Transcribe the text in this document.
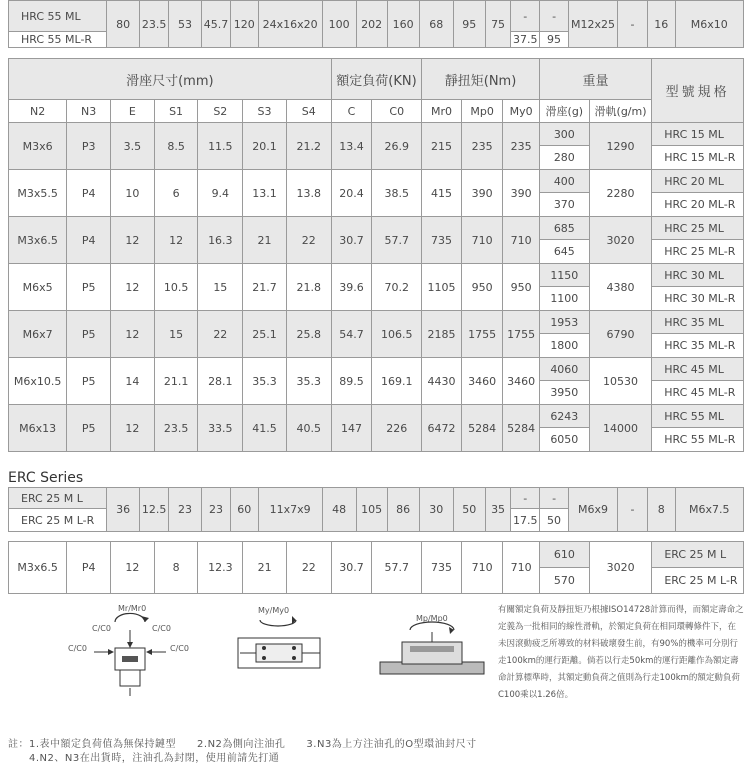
HRC 55 ML	80	23.5	53	45.7	120	24x16x20	100	202	160	68	95	75	-	-	M12x25	-	16	M6x10
HRC 55 ML-R													37.5	95				
滑座尺寸(mm)							額定負荷(KN)		靜扭矩(Nm)			重量		型號規格
N2	N3	E	S1	S2	S3	S4	C	C0	Mr0	Mp0	My0	滑座(g)	滑軌(g/m)	
M3x6	P3	3.5	8.5	11.5	20.1	21.2	13.4	26.9	215	235	235	300	1290	HRC 15 ML
												280		HRC 15 ML-R
M3x5.5	P4	10	6	9.4	13.1	13.8	20.4	38.5	415	390	390	400	2280	HRC 20 ML
												370		HRC 20 ML-R
M3x6.5	P4	12	12	16.3	21	22	30.7	57.7	735	710	710	685	3020	HRC 25 ML
												645		HRC 25 ML-R
M6x5	P5	12	10.5	15	21.7	21.8	39.6	70.2	1105	950	950	1150	4380	HRC 30 ML
												1100		HRC 30 ML-R
M6x7	P5	12	15	22	25.1	25.8	54.7	106.5	2185	1755	1755	1953	6790	HRC 35 ML
												1800		HRC 35 ML-R
M6x10.5	P5	14	21.1	28.1	35.3	35.3	89.5	169.1	4430	3460	3460	4060	10530	HRC 45 ML
												3950		HRC 45 ML-R
M6x13	P5	12	23.5	33.5	41.5	40.5	147	226	6472	5284	5284	6243	14000	HRC 55 ML
												6050		HRC 55 ML-R
ERC Series
ERC 25 M L	36	12.5	23	23	60	11x7x9	48	105	86	30	50	35	-	-	M6x9	-	8	M6x7.5
ERC 25 M L-R													17.5	50				
M3x6.5	P4	12	8	12.3	21	22	30.7	57.7	735	710	710	610	3020	ERC 25 M L
												570		ERC 25 M L-R
Mr/Mr0
C/C0	C/C0
C/C0	C/C0
My/My0
Mp/Mp0
有關額定負荷及靜扭矩乃根據ISO14728計算而得，而額定壽命之定義為一批相同的線性滑軌，於額定負荷在相同環轉條件下，在未因滾動疲乏所導致的材料破壞發生前，有90%的機率可分別行走100km的運行距離。倘若以行走50km的運行距離作為額定壽命計算標準時，其額定動負荷之值則為行走100km的額定動負荷C100乘以1.26倍。
註：1.表中額定負荷值為無保持鏈型　　2.N2為側向注油孔　　3.N3為上方注油孔的O型環油封尺寸
　　4.N2、N3在出貨時，注油孔為封閉，使用前請先打通
